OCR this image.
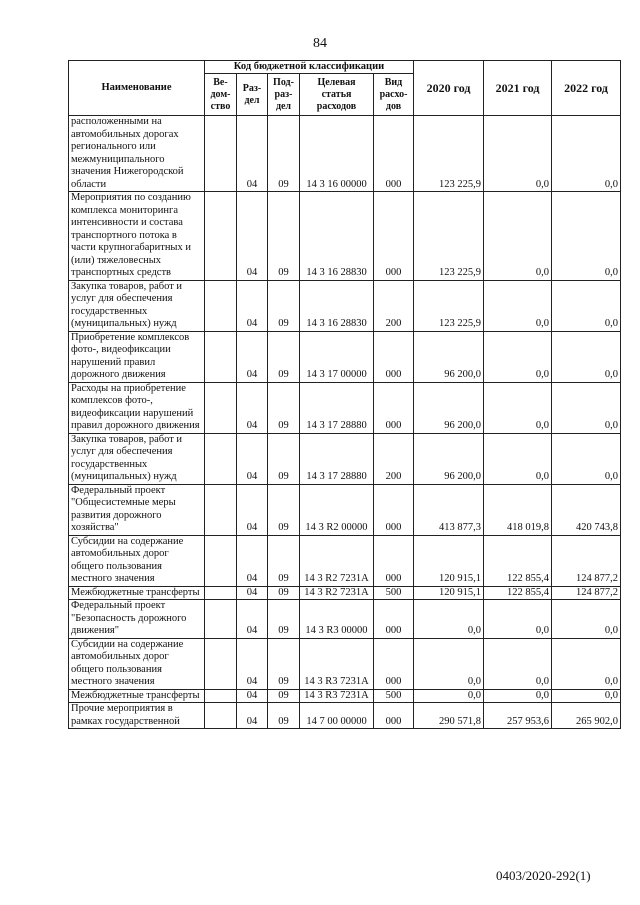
84
Наименование	Код бюджетной классификации					2020 год	2021 год	2022 год
	Ве-дом-ство	Раз-дел	Под-раз-дел	Целевая статья расходов	Вид расхо-дов			
расположенными на автомобильных дорогах регионального или межмуниципального значения Нижегородской области		04	09	14 3 16 00000	000	123 225,9	0,0	0,0
Мероприятия по созданию комплекса мониторинга интенсивности и состава транспортного потока в части крупногабаритных и (или) тяжеловесных транспортных средств		04	09	14 3 16 28830	000	123 225,9	0,0	0,0
Закупка товаров, работ и услуг для обеспечения государственных (муниципальных) нужд		04	09	14 3 16 28830	200	123 225,9	0,0	0,0
Приобретение комплексов фото-, видеофиксации нарушений правил дорожного движения		04	09	14 3 17 00000	000	96 200,0	0,0	0,0
Расходы на приобретение комплексов фото-, видеофиксации нарушений правил дорожного движения		04	09	14 3 17 28880	000	96 200,0	0,0	0,0
Закупка товаров, работ и услуг для обеспечения государственных (муниципальных) нужд		04	09	14 3 17 28880	200	96 200,0	0,0	0,0
Федеральный проект "Общесистемные меры развития дорожного хозяйства"		04	09	14 3 R2 00000	000	413 877,3	418 019,8	420 743,8
Субсидии на содержание автомобильных дорог общего пользования местного значения		04	09	14 3 R2 7231A	000	120 915,1	122 855,4	124 877,2
Межбюджетные трансферты		04	09	14 3 R2 7231A	500	120 915,1	122 855,4	124 877,2
Федеральный проект "Безопасность дорожного движения"		04	09	14 3 R3 00000	000	0,0	0,0	0,0
Субсидии на содержание автомобильных дорог общего пользования местного значения		04	09	14 3 R3 7231A	000	0,0	0,0	0,0
Межбюджетные трансферты		04	09	14 3 R3 7231A	500	0,0	0,0	0,0
Прочие мероприятия в рамках государственной		04	09	14 7 00 00000	000	290 571,8	257 953,6	265 902,0
0403/2020-292(1)
